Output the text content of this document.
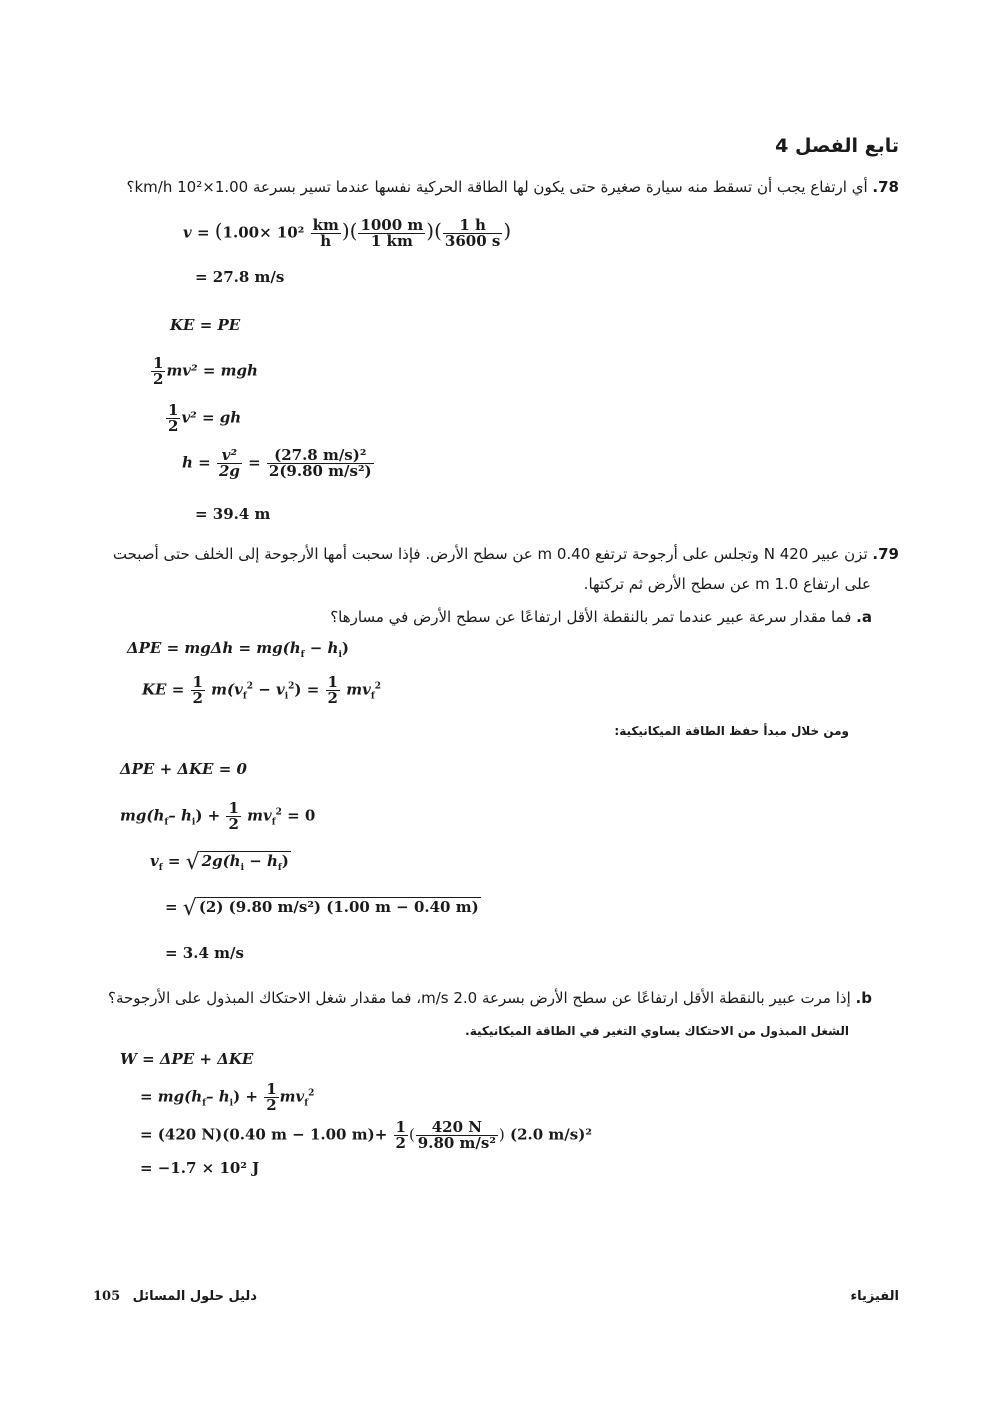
تابع الفصل 4
78. أي ارتفاع يجب أن تسقط منه سيارة صغيرة حتى يكون لها الطاقة الحركية نفسها عندما تسير بسرعة 1.00×10² km/h؟
$v = (1.00\times 10^2 \frac{km}{h}$ )( $\frac{1000 m}{1 km}$ )( $\frac{1 h}{3600 s}$ )
= 27.8 m/s
KE = PE
$\frac{1}{2} mv^2$ = mgh
$\frac{1}{2} v^2$ = gh
$h = \frac{\text{v²}}{2g} = \frac{\text{(27.8 m/s)²}}{\text{2(9.80 m/s²)}}$
= 39.4 m
79. تزن عبير 420 N وتجلس على أرجوحة ترتفع 0.40 m عن سطح الأرض. فإذا سحبت أمها الأرجوحة إلى الخلف حتى أصبحت
على ارتفاع 1.0 m عن سطح الأرض ثم تركتها.
a. فما مقدار سرعة عبير عندما تمر بالنقطة الأقل ارتفاعًا عن سطح الأرض في مسارها؟
$\Delta PE = mg\Delta h = mg(h_f - h_i)$
KE = $\frac{1}{2} m(v_f^2 - v_i^2) = \frac{1}{2} mv_f^2$
ومن خلال مبدأ حفظ الطاقة الميكانيكية:
ΔPE + ΔKE = 0
$mg(h_f-$ $h_i) + \frac{1}{2} mv_f^2 = 0$
$v_f$ = √ $2g(h_i - h_f)$
= √ (2) (9.80 m/s²) (1.00 m − 0.40 m)
= 3.4 m/s
b. إذا مرت عبير بالنقطة الأقل ارتفاعًا عن سطح الأرض بسرعة 2.0 m/s، فما مقدار شغل الاحتكاك المبذول على الأرجوحة؟
الشغل المبذول من الاحتكاك يساوي التغير في الطاقة الميكانيكية.
W = ΔPE + ΔKE
= $mg(h_f-$ $h_i) + \frac{1}{2} mv_f^2$
= (420 N)(0.40 m − 1.00 $m)+ \frac{1}{2}$ ( $\frac{420 N}{\text{9.80 m/s²}}$ ) (2.0 m/s)²
= −1.7 × 10² J
105 دليل حلول المسائل	الفيزياء
